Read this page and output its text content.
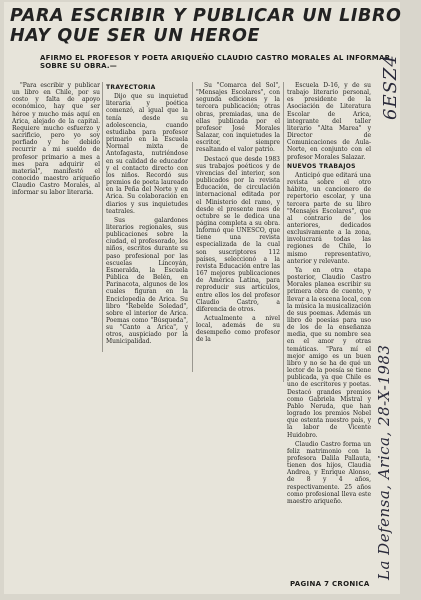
PARA ESCRIBIR Y PUBLICAR UN LIBRO HAY QUE SER UN HEROE
AFIRMO EL PROFESOR Y POETA ARIQUEÑO CLAUDIO CASTRO MORALES AL INFORMAR SOBRE SU OBRA.—

"Para escribir y publicar un libro en Chile, por su costo y falta de apoyo económico, hay que ser héroe y mucho más aquí en Arica, alejado de la capital. Requiere mucho esfuerzo y sacrificio, pero yo soy porfiado y he debido recurrir a mi sueldo de profesor primario a mes a mes para adquirir el material", manifestó el conocido maestro ariqueño Claudio Castro Morales, al informar su labor literaria.

TRAYECTORIA

Dijo que su inquietud literaria y poética comenzó, al igual que la tenía desde su adolescencia, cuando estudiaba para profesor primario en la Escuela Normal mixta de Antofagasta, nutriéndose en su calidad de educador y el contacto directo con los niños. Recordó sus premios de poeta laureado en la Peña del Norte y en Arica. Su colaboración en diarios y sus inquietudes teatrales.

Sus galardones literarios regionales, sus publicaciones sobre la ciudad, el profesorado, los niños, escritos durante su paso profesional por las escuelas Lincoyán, Esmeralda, la Escuela Pública de Belén, en Parinacota, algunos de los cuales figuran en la Enciclopedia de Arica. Su libro "Rebelde Soledad", sobre el interior de Arica. Poemas como "Búsqueda", su "Canto a Arica", y otros, auspiciado por la Municipalidad.

Su "Comarca del Sol", "Mensajes Escolares", con segunda ediciones y la tercera publicación; otras obras, premiadas, una de ellas publicada por el profesor José Morales Salazar, con inquietudes la escritor, siempre resaltando el valor patrio.

Destacó que desde 1983 sus trabajos poéticos y de vivencias del interior, son publicados por la revista Educación, de circulación internacional editada por el Ministerio del ramo, y desde el presente mes de octubre se le dedica una página completa a su obra. Informó que UNESCO, que tiene una revista especializada de la cual son suscriptores 112 países, seleccionó a la revista Educación entre las 167 mejores publicaciones de América Latina, para reproducir sus artículos, entre ellos los del profesor Claudio Castro, a diferencia de otros.

Actualmente a nivel local, además de su desempeño como profesor de la

Escuela D-16, y de su trabajo literario personal, es presidente de la Asociación de Literatura Escolar de Arica, integrante del taller literario "Alta Marea" y Director de Comunicaciones de Aula-Norte, en conjunto con el profesor Morales Salazar.

NUEVOS TRABAJOS

Anticipó que editará una revista sobre el otro hábito, un cancionero de repertorio escolar, y una tercera parte de su libro "Mensajes Escolares", que al contrario de los anteriores, dedicados exclusivamente a la zona, involucrará todas las regiones de Chile, lo mismo representativo, anterior y relevante.

Ya en otra etapa posterior, Claudio Castro Morales planea escribir su primera obra de cuento, y llevar a la escena local, con la música la musicalización de sus poemas. Además un libro de poesías para uso de los de la enseñanza media, que su nombre sea en el amor y otras temáticas. "Para mí el mejor amigo es un buen libro y no se ha de qué un lector de la poesía se tiene publicada, ya que Chile es uno de escritores y poetas. Destacó grandes premios como Gabriela Mistral y Pablo Neruda, que han logrado los premios Nobel que ostenta nuestro país, y la labor de Vicente Huidobro.

Claudio Castro forma un feliz matrimonio con la profesora Dalila Pallauta, tienen dos hijos, Claudia Andrea, y Enrique Alonso, de 8 y 4 años, respectivamente. 25 años como profesional lleva este maestro ariqueño.

PAGINA 7 CRONICA
6ESZ4
La Defensa, Arica, 28-X-1983
